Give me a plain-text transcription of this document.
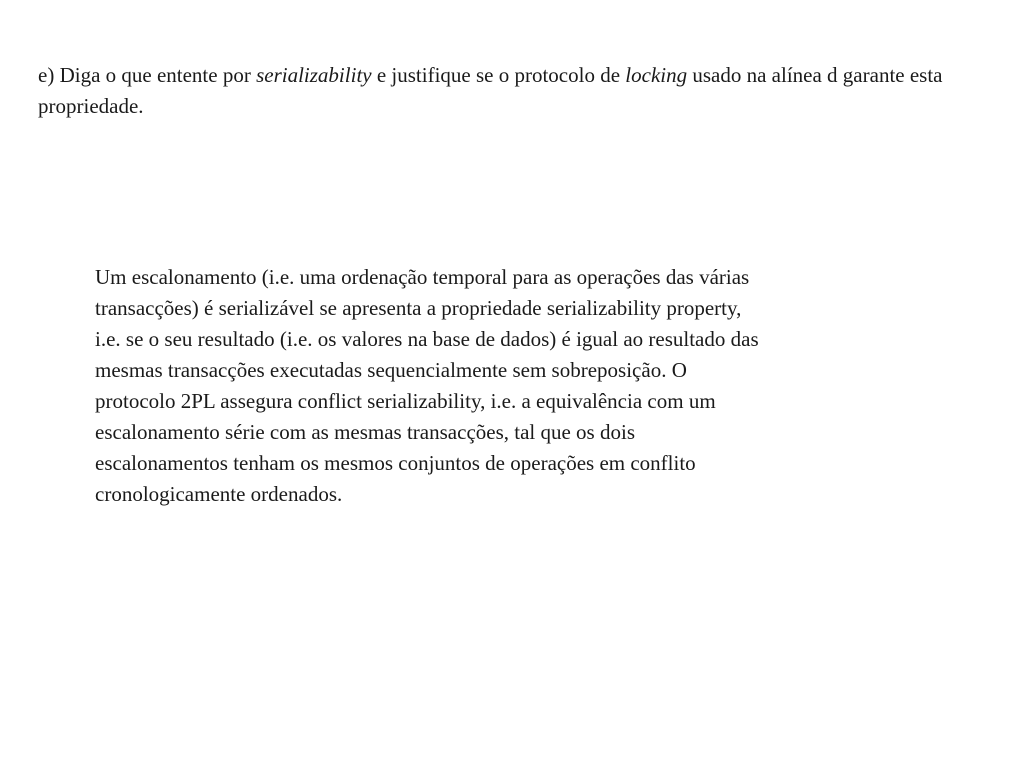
e) Diga o que entente por serializability e justifique se o protocolo de locking usado na alínea d garante esta propriedade.

Um escalonamento (i.e. uma ordenação temporal para as operações das várias
transacções) é serializável se apresenta a propriedade serializability property,
i.e. se o seu resultado (i.e. os valores na base de dados) é igual ao resultado das
mesmas transacções executadas sequencialmente sem sobreposição. O
protocolo 2PL assegura conflict serializability, i.e. a equivalência com um
escalonamento série com as mesmas transacções, tal que os dois
escalonamentos tenham os mesmos conjuntos de operações em conflito
cronologicamente ordenados.
